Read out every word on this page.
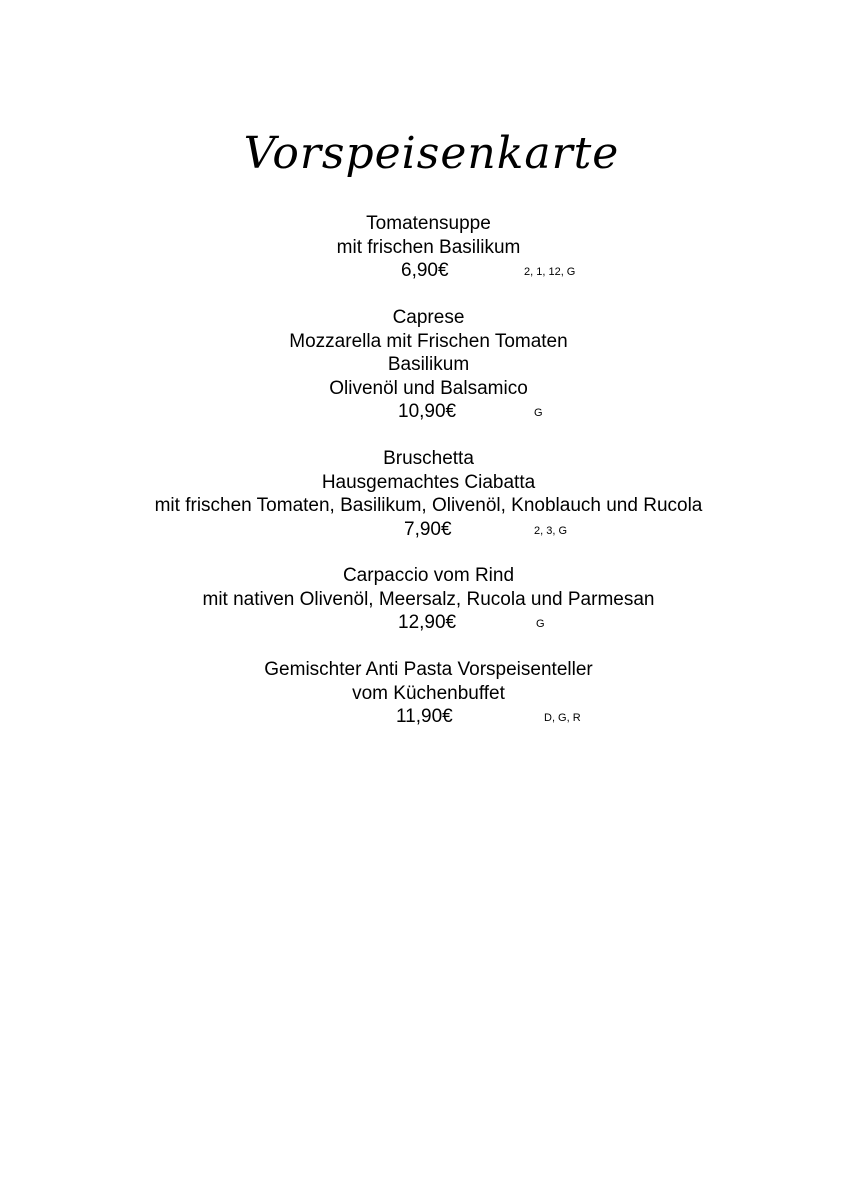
Vorspeisenkarte
Tomatensuppe
mit frischen Basilikum
6,90€	2, 1, 12, G
Caprese
Mozzarella mit Frischen Tomaten
Basilikum
Olivenöl und Balsamico
10,90€	G
Bruschetta
Hausgemachtes Ciabatta
mit frischen Tomaten, Basilikum, Olivenöl, Knoblauch und Rucola
7,90€	2, 3, G
Carpaccio vom Rind
mit nativen Olivenöl, Meersalz, Rucola und Parmesan
12,90€	G
Gemischter Anti Pasta Vorspeisenteller
vom Küchenbuffet
11,90€	D, G, R
